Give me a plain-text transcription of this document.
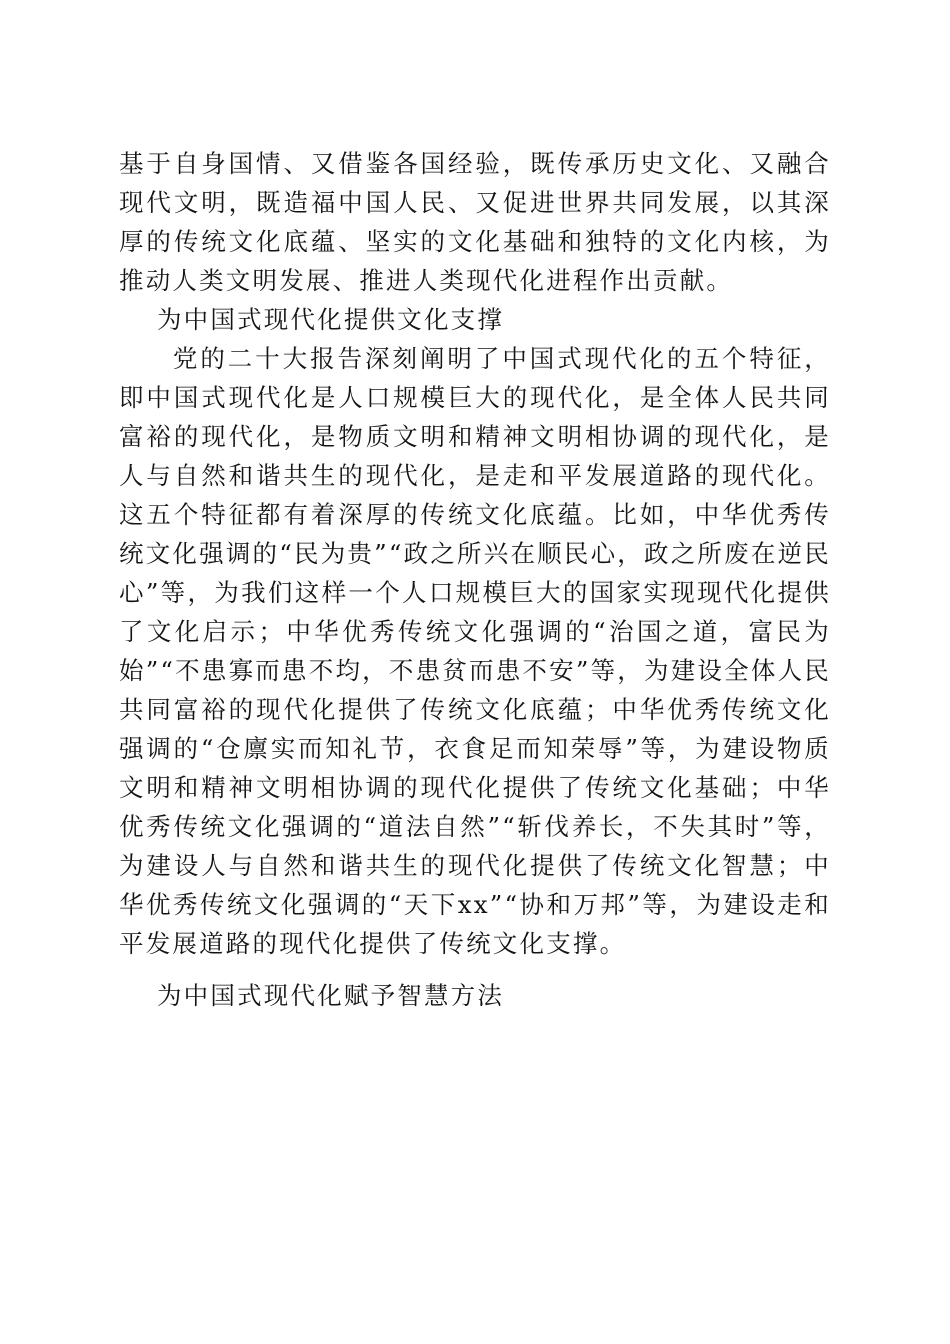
基于自身国情、又借鉴各国经验，既传承历史文化、又融合现代文明，既造福中国人民、又促进世界共同发展，以其深厚的传统文化底蕴、坚实的文化基础和独特的文化内核，为推动人类文明发展、推进人类现代化进程作出贡献。

为中国式现代化提供文化支撑

党的二十大报告深刻阐明了中国式现代化的五个特征，即中国式现代化是人口规模巨大的现代化，是全体人民共同富裕的现代化，是物质文明和精神文明相协调的现代化，是人与自然和谐共生的现代化，是走和平发展道路的现代化。这五个特征都有着深厚的传统文化底蕴。比如，中华优秀传统文化强调的“民为贵”“政之所兴在顺民心，政之所废在逆民心”等，为我们这样一个人口规模巨大的国家实现现代化提供了文化启示；中华优秀传统文化强调的“治国之道，富民为始”“不患寡而患不均，不患贫而患不安”等，为建设全体人民共同富裕的现代化提供了传统文化底蕴；中华优秀传统文化强调的“仓廪实而知礼节，衣食足而知荣辱”等，为建设物质文明和精神文明相协调的现代化提供了传统文化基础；中华优秀传统文化强调的“道法自然”“斩伐养长，不失其时”等，为建设人与自然和谐共生的现代化提供了传统文化智慧；中华优秀传统文化强调的“天下xx”“协和万邦”等，为建设走和平发展道路的现代化提供了传统文化支撑。

为中国式现代化赋予智慧方法
